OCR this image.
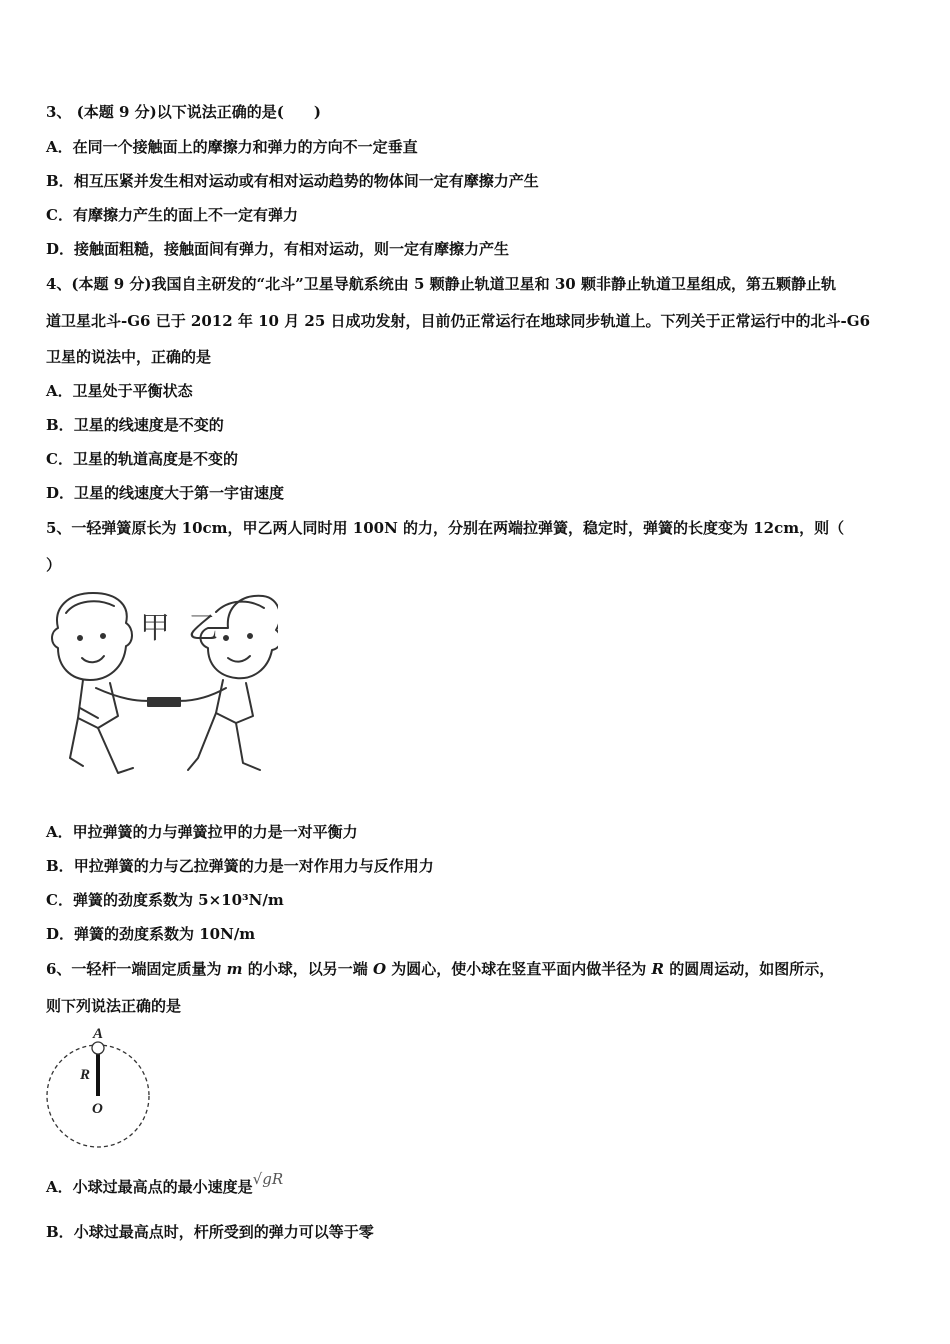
3、 (本题 9 分)以下说法正确的是(　　)
A．在同一个接触面上的摩擦力和弹力的方向不一定垂直
B．相互压紧并发生相对运动或有相对运动趋势的物体间一定有摩擦力产生
C．有摩擦力产生的面上不一定有弹力
D．接触面粗糙，接触面间有弹力，有相对运动，则一定有摩擦力产生
4、(本题 9 分)我国自主研发的“北斗”卫星导航系统由 5 颗静止轨道卫星和 30 颗非静止轨道卫星组成，第五颗静止轨
道卫星北斗-G6 已于 2012 年 10 月 25 日成功发射，目前仍正常运行在地球同步轨道上。下列关于正常运行中的北斗-G6
卫星的说法中，正确的是
A．卫星处于平衡状态
B．卫星的线速度是不变的
C．卫星的轨道高度是不变的
D．卫星的线速度大于第一宇宙速度
5、一轻弹簧原长为 10cm，甲乙两人同时用 100N 的力，分别在两端拉弹簧，稳定时，弹簧的长度变为 12cm，则（
）
甲 乙
A．甲拉弹簧的力与弹簧拉甲的力是一对平衡力
B．甲拉弹簧的力与乙拉弹簧的力是一对作用力与反作用力
C．弹簧的劲度系数为 5×10³N/m
D．弹簧的劲度系数为 10N/m
6、一轻杆一端固定质量为 m 的小球，以另一端 O 为圆心，使小球在竖直平面内做半径为 R 的圆周运动，如图所示，
则下列说法正确的是
A
R
O
A．小球过最高点的最小速度是√gR
B．小球过最高点时，杆所受到的弹力可以等于零
